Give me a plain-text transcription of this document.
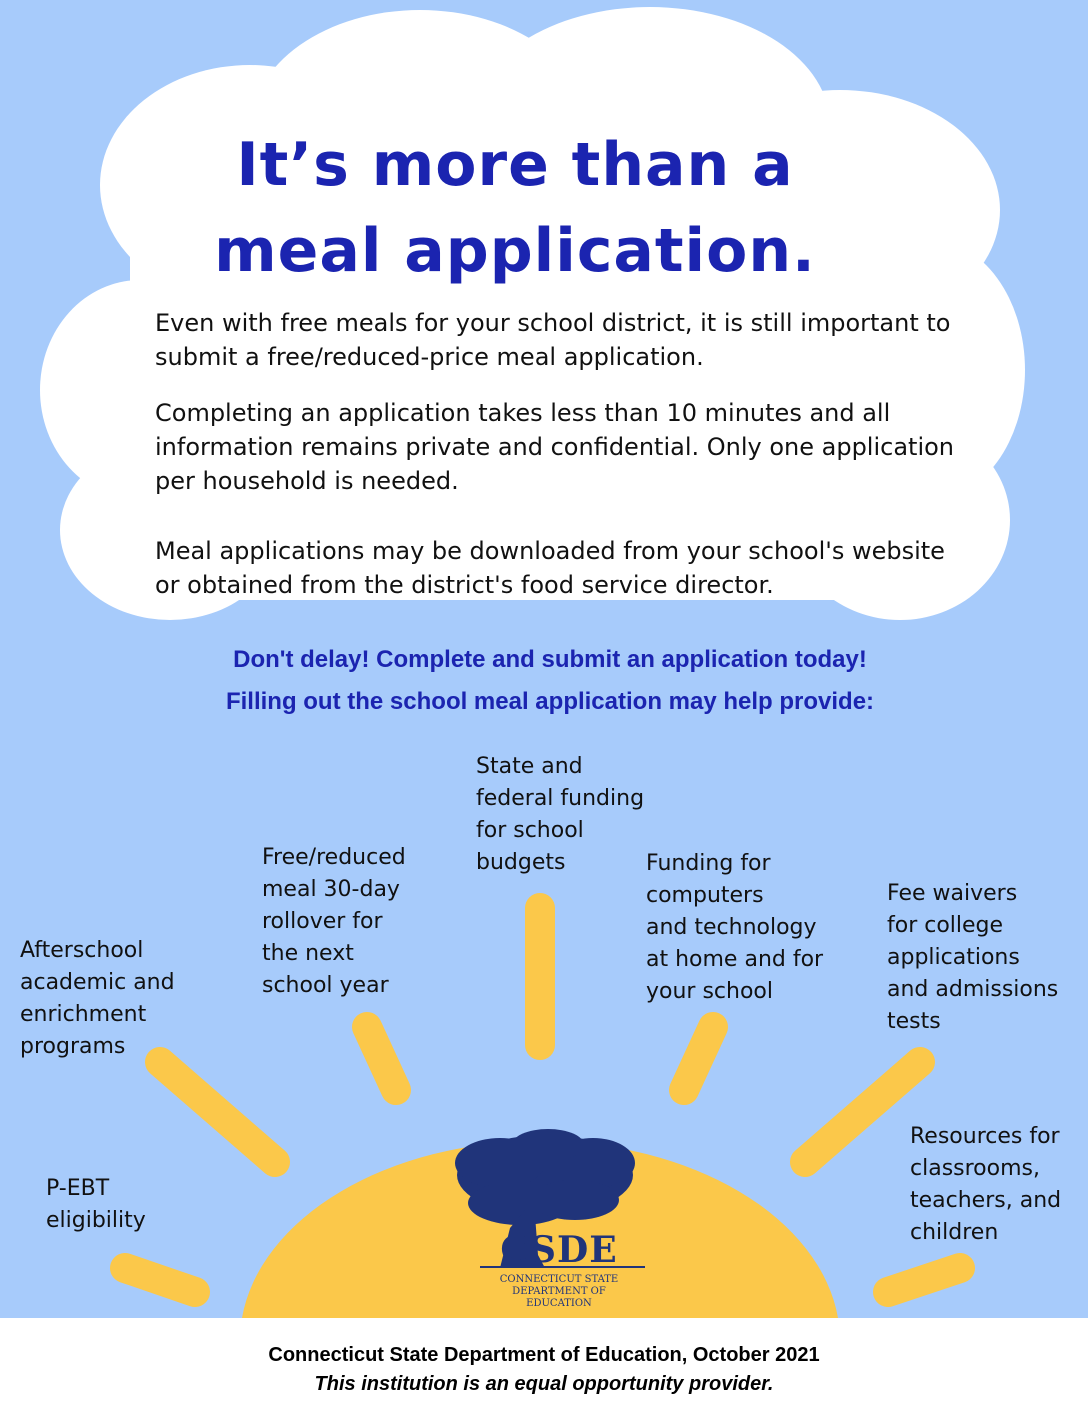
It’s more than a
meal application.

Even with free meals for your school district, it is still important to submit a free/reduced-price meal application.

Completing an application takes less than 10 minutes and all information remains private and confidential. Only one application per household is needed.

Meal applications may be downloaded from your school's website or obtained from the district's food service director.

Don't delay! Complete and submit an application today!

Filling out the school meal application may help provide:

State and
federal funding
for school
budgets

Free/reduced
meal 30-day
rollover for
the next
school year

Funding for
computers
and technology
at home and for
your school

Afterschool
academic and
enrichment
programs

Fee waivers
for college
applications
and admissions
tests

P-EBT
eligibility

Resources for
classrooms,
teachers, and
children

CSDE
CONNECTICUT STATE
DEPARTMENT OF EDUCATION

Connecticut State Department of Education, October 2021

This institution is an equal opportunity provider.
